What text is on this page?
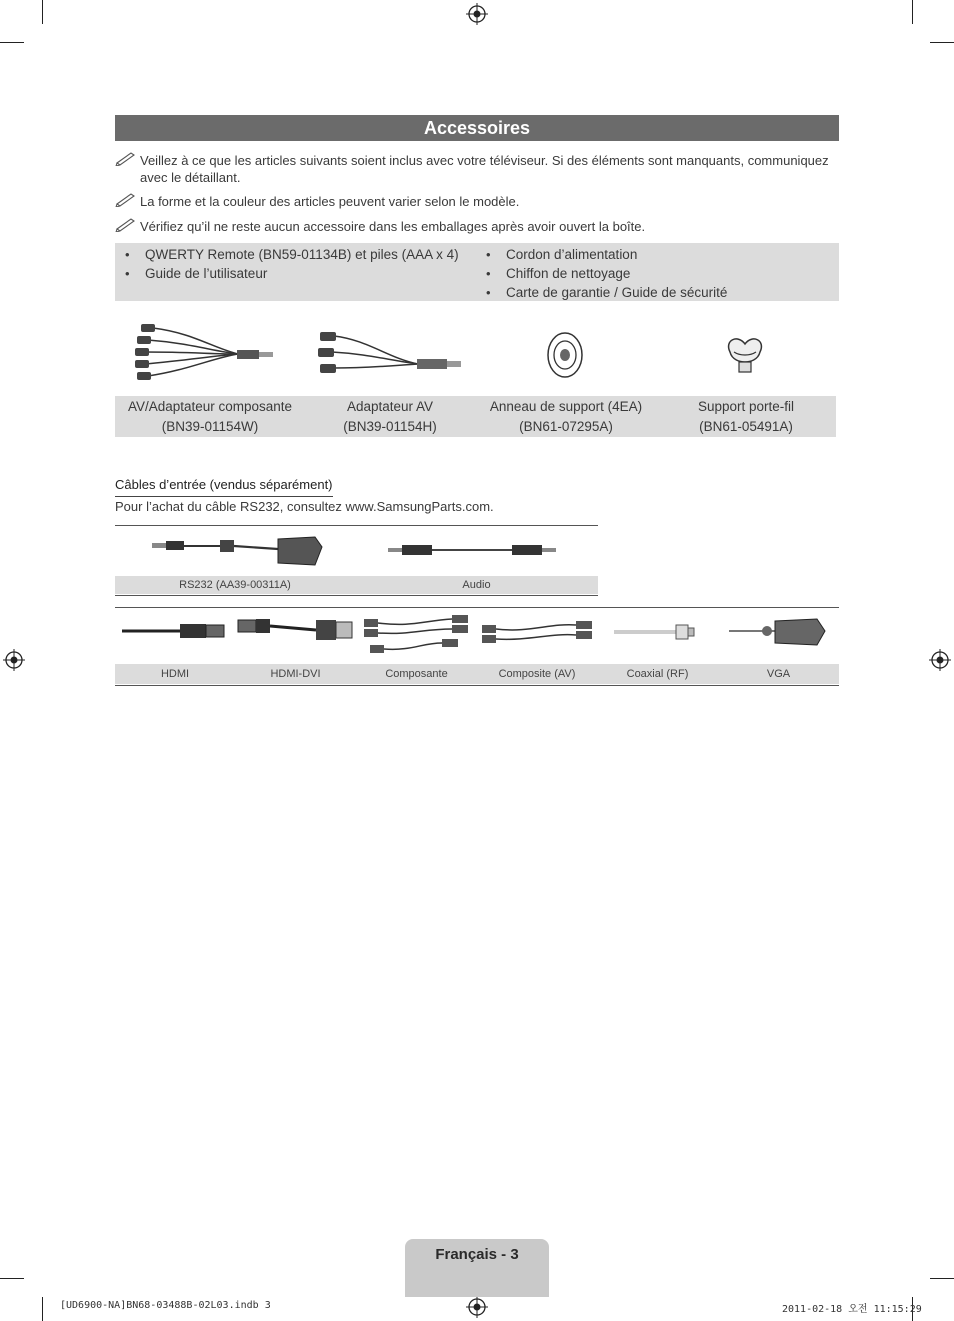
Accessoires
Veillez à ce que les articles suivants soient inclus avec votre téléviseur. Si des éléments sont manquants, communiquez
avec le détaillant.
La forme et la couleur des articles peuvent varier selon le modèle.
Vérifiez qu’il ne reste aucun accessoire dans les emballages après avoir ouvert la boîte.
• QWERTY Remote (BN59-01134B) et piles (AAA x 4)
• Guide de l’utilisateur
• Cordon d’alimentation
• Chiffon de nettoyage
• Carte de garantie / Guide de sécurité
AV/Adaptateur composante
(BN39-01154W)
Adaptateur AV
(BN39-01154H)
Anneau de support (4EA)
(BN61-07295A)
Support porte-fil
(BN61-05491A)
Câbles d’entrée (vendus séparément)
Pour l’achat du câble RS232, consultez www.SamsungParts.com.
RS232 (AA39-00311A)	Audio
HDMI	HDMI-DVI	Composante	Composite (AV)	Coaxial (RF)	VGA
Français - 3
[UD6900-NA]BN68-03488B-02L03.indb 3	2011-02-18 오전 11:15:29
